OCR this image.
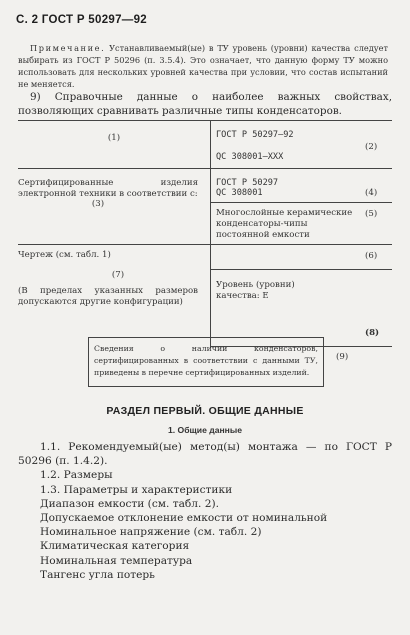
С. 2 ГОСТ Р 50297—92
Примечание. Устанавливаемый(ые) в ТУ уровень (уровни) качества следует выбирать из ГОСТ Р 50296 (п. 3.5.4). Это означает, что данную форму ТУ можно использовать для нескольких уровней качества при условии, что состав испытаний не меняется.
9) Справочные данные о наиболее важных свойствах, позволяющих сравнивать различные типы конденсаторов.
(1)
Сертифицированные изделия электронной техники в соответствии с:
(3)
Чертеж (см. табл. 1)
(7)
(В пределах указанных размеров допускаются другие конфигурации)
ГОСТ Р 50297—92
QC 308001—XXX
(2)
ГОСТ Р 50297
QC 308001	(4)
Многослойные керамические конденсаторы-чипы постоянной емкости
(5)
(6)
Уровень (уровни) качества: E
(8)
Сведения о наличии конденсаторов, сертифицированных в соответствии с данными ТУ, приведены в перечне сертифицированных изделий.
(9)
РАЗДЕЛ ПЕРВЫЙ. ОБЩИЕ ДАННЫЕ
1. Общие данные
1.1. Рекомендуемый(ые) метод(ы) монтажа — по ГОСТ Р 50296 (п. 1.4.2).
1.2. Размеры
1.3. Параметры и характеристики
Диапазон емкости (см. табл. 2).
Допускаемое отклонение емкости от номинальной
Номинальное напряжение (см. табл. 2)
Климатическая категория
Номинальная температура
Тангенс угла потерь
